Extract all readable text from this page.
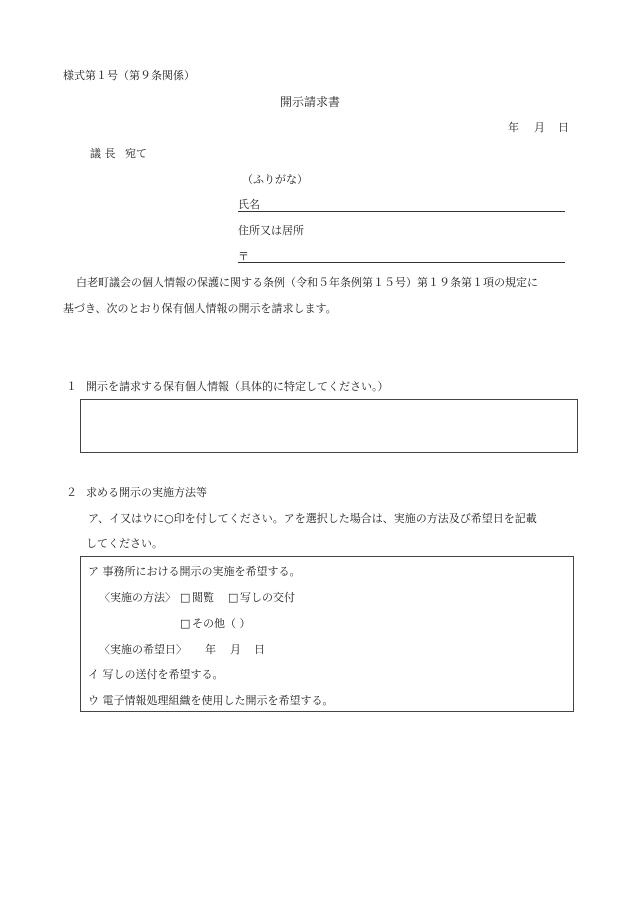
様式第１号（第９条関係）
開示請求書
年 月 日
議 長 宛て
（ふりがな）
氏名
住所又は居所
〒
白老町議会の個人情報の保護に関する条例（令和５年条例第１５号）第１９条第１項の規定に
基づき、次のとおり保有個人情報の開示を請求します。
１ 開示を請求する保有個人情報（具体的に特定してください。）
２ 求める開示の実施方法等
ア、イ又はウに○印を付してください。アを選択した場合は、実施の方法及び希望日を記載
してください。
ア 事務所における開示の実施を希望する。
〈実施の方法〉 □ 閲覧 □ 写しの交付
□ その他（ ）
〈実施の希望日〉 年 月 日
イ 写しの送付を希望する。
ウ 電子情報処理組織を使用した開示を希望する。
